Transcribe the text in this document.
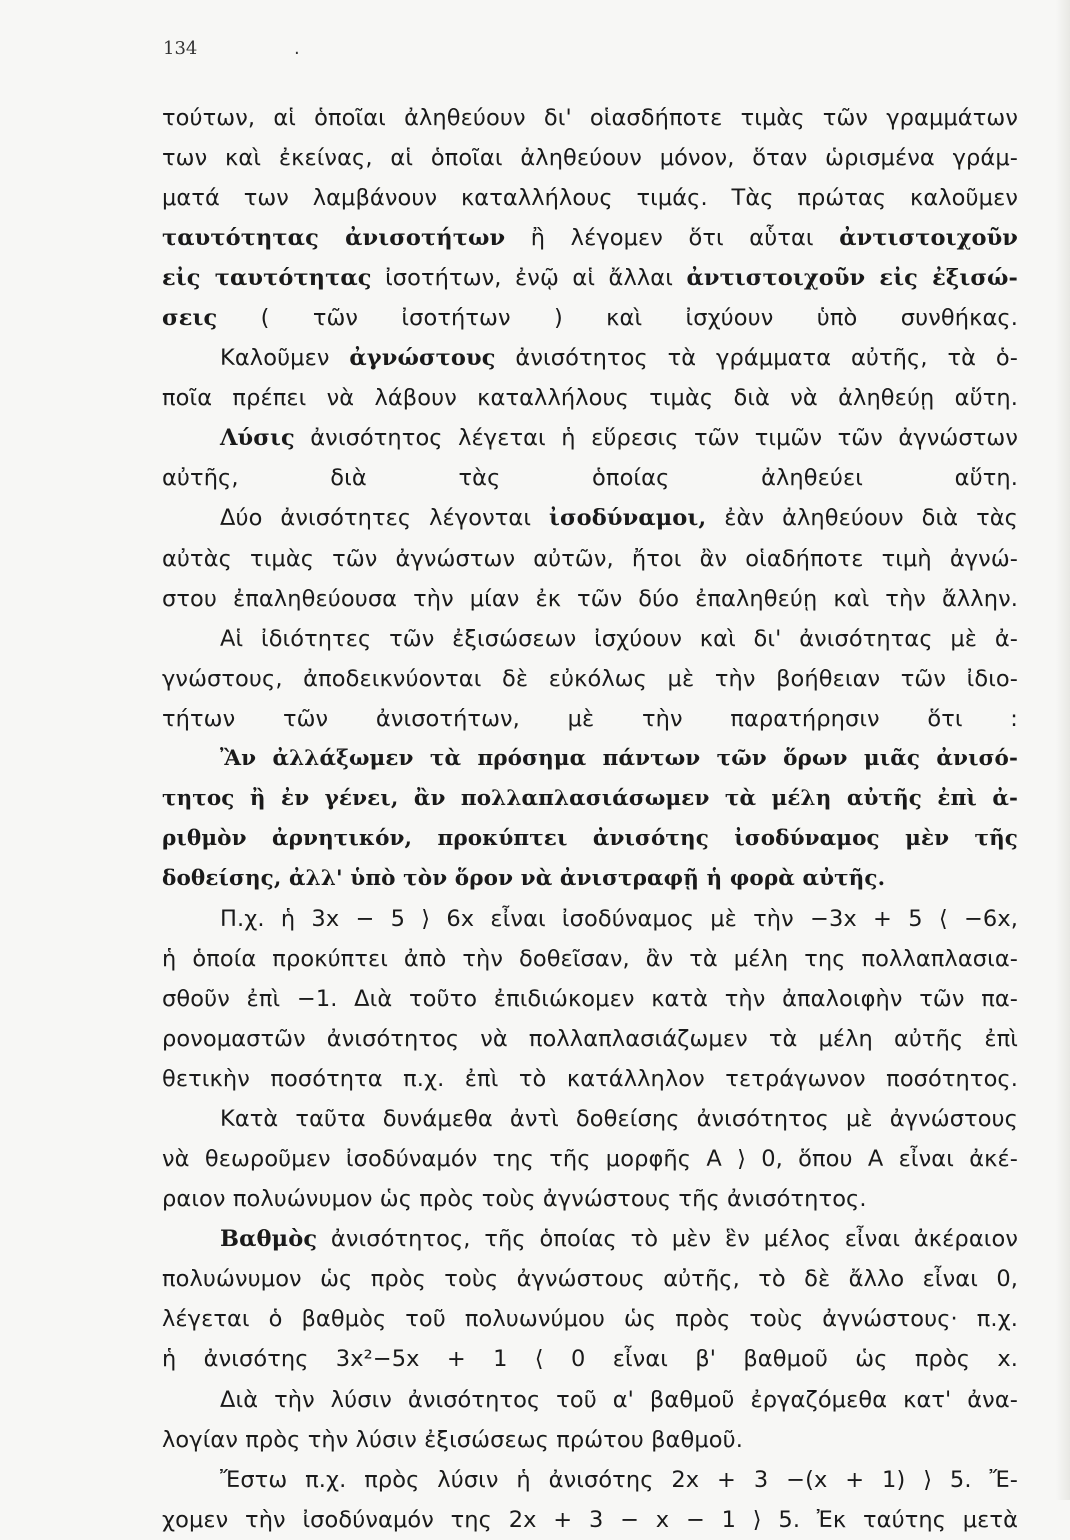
134	.
τούτων, αἱ ὁποῖαι ἀληθεύουν δι' οἱασδήποτε τιμὰς τῶν γραμμάτων
των καὶ ἐκείνας, αἱ ὁποῖαι ἀληθεύουν μόνον, ὅταν ὡρισμένα γράμ-
ματά των λαμβάνουν καταλλήλους τιμάς. Τὰς πρώτας καλοῦμεν
ταυτότητας ἀνισοτήτων ἢ λέγομεν ὅτι αὗται ἀντιστοιχοῦν
εἰς ταυτότητας ἰσοτήτων, ἐνῷ αἱ ἄλλαι ἀντιστοιχοῦν εἰς ἐξισώ-
σεις ( τῶν ἰσοτήτων ) καὶ ἰσχύουν ὑπὸ συνθήκας.
Καλοῦμεν ἀγνώστους ἀνισότητος τὰ γράμματα αὐτῆς, τὰ ὁ-
ποῖα πρέπει νὰ λάβουν καταλλήλους τιμὰς διὰ νὰ ἀληθεύῃ αὕτη.
Λύσις ἀνισότητος λέγεται ἡ εὕρεσις τῶν τιμῶν τῶν ἀγνώστων
αὐτῆς, διὰ τὰς ὁποίας ἀληθεύει αὕτη.
Δύο ἀνισότητες λέγονται ἰσοδύναμοι, ἐὰν ἀληθεύουν διὰ τὰς
αὐτὰς τιμὰς τῶν ἀγνώστων αὐτῶν, ἤτοι ἂν οἱαδήποτε τιμὴ ἀγνώ-
στου ἐπαληθεύουσα τὴν μίαν ἐκ τῶν δύο ἐπαληθεύῃ καὶ τὴν ἄλλην.
Αἱ ἰδιότητες τῶν ἐξισώσεων ἰσχύουν καὶ δι' ἀνισότητας μὲ ἀ-
γνώστους, ἀποδεικνύονται δὲ εὐκόλως μὲ τὴν βοήθειαν τῶν ἰδιο-
τήτων τῶν ἀνισοτήτων, μὲ τὴν παρατήρησιν ὅτι :
Ἂν ἀλλάξωμεν τὰ πρόσημα πάντων τῶν ὅρων μιᾶς ἀνισό-
τητος ἢ ἐν γένει, ἂν πολλαπλασιάσωμεν τὰ μέλη αὐτῆς ἐπὶ ἀ-
ριθμὸν ἀρνητικόν, προκύπτει ἀνισότης ἰσοδύναμος μὲν τῆς
δοθείσης, ἀλλ' ὑπὸ τὸν ὅρον νὰ ἀνιστραφῇ ἡ φορὰ αὐτῆς.
Π.χ. ἡ 3x − 5 ⟩ 6x εἶναι ἰσοδύναμος μὲ τὴν −3x + 5 ⟨ −6x,
ἡ ὁποία προκύπτει ἀπὸ τὴν δοθεῖσαν, ἂν τὰ μέλη της πολλαπλασια-
σθοῦν ἐπὶ −1. Διὰ τοῦτο ἐπιδιώκομεν κατὰ τὴν ἀπαλοιφὴν τῶν πα-
ρονομαστῶν ἀνισότητος νὰ πολλαπλασιάζωμεν τὰ μέλη αὐτῆς ἐπὶ
θετικὴν ποσότητα π.χ. ἐπὶ τὸ κατάλληλον τετράγωνον ποσότητος.
Κατὰ ταῦτα δυνάμεθα ἀντὶ δοθείσης ἀνισότητος μὲ ἀγνώστους
νὰ θεωροῦμεν ἰσοδύναμόν της τῆς μορφῆς Α ⟩ 0, ὅπου Α εἶναι ἀκέ-
ραιον πολυώνυμον ὡς πρὸς τοὺς ἀγνώστους τῆς ἀνισότητος.
Βαθμὸς ἀνισότητος, τῆς ὁποίας τὸ μὲν ἓν μέλος εἶναι ἀκέραιον
πολυώνυμον ὡς πρὸς τοὺς ἀγνώστους αὐτῆς, τὸ δὲ ἄλλο εἶναι 0,
λέγεται ὁ βαθμὸς τοῦ πολυωνύμου ὡς πρὸς τοὺς ἀγνώστους· π.χ.
ἡ ἀνισότης 3x²−5x + 1 ⟨ 0 εἶναι β' βαθμοῦ ὡς πρὸς x.
Διὰ τὴν λύσιν ἀνισότητος τοῦ α' βαθμοῦ ἐργαζόμεθα κατ' ἀνα-
λογίαν πρὸς τὴν λύσιν ἐξισώσεως πρώτου βαθμοῦ.
Ἔστω π.χ. πρὸς λύσιν ἡ ἀνισότης 2x + 3 −(x + 1) ⟩ 5. Ἔ-
χομεν τὴν ἰσοδύναμόν της 2x + 3 − x − 1 ⟩ 5. Ἐκ ταύτης μετὰ
